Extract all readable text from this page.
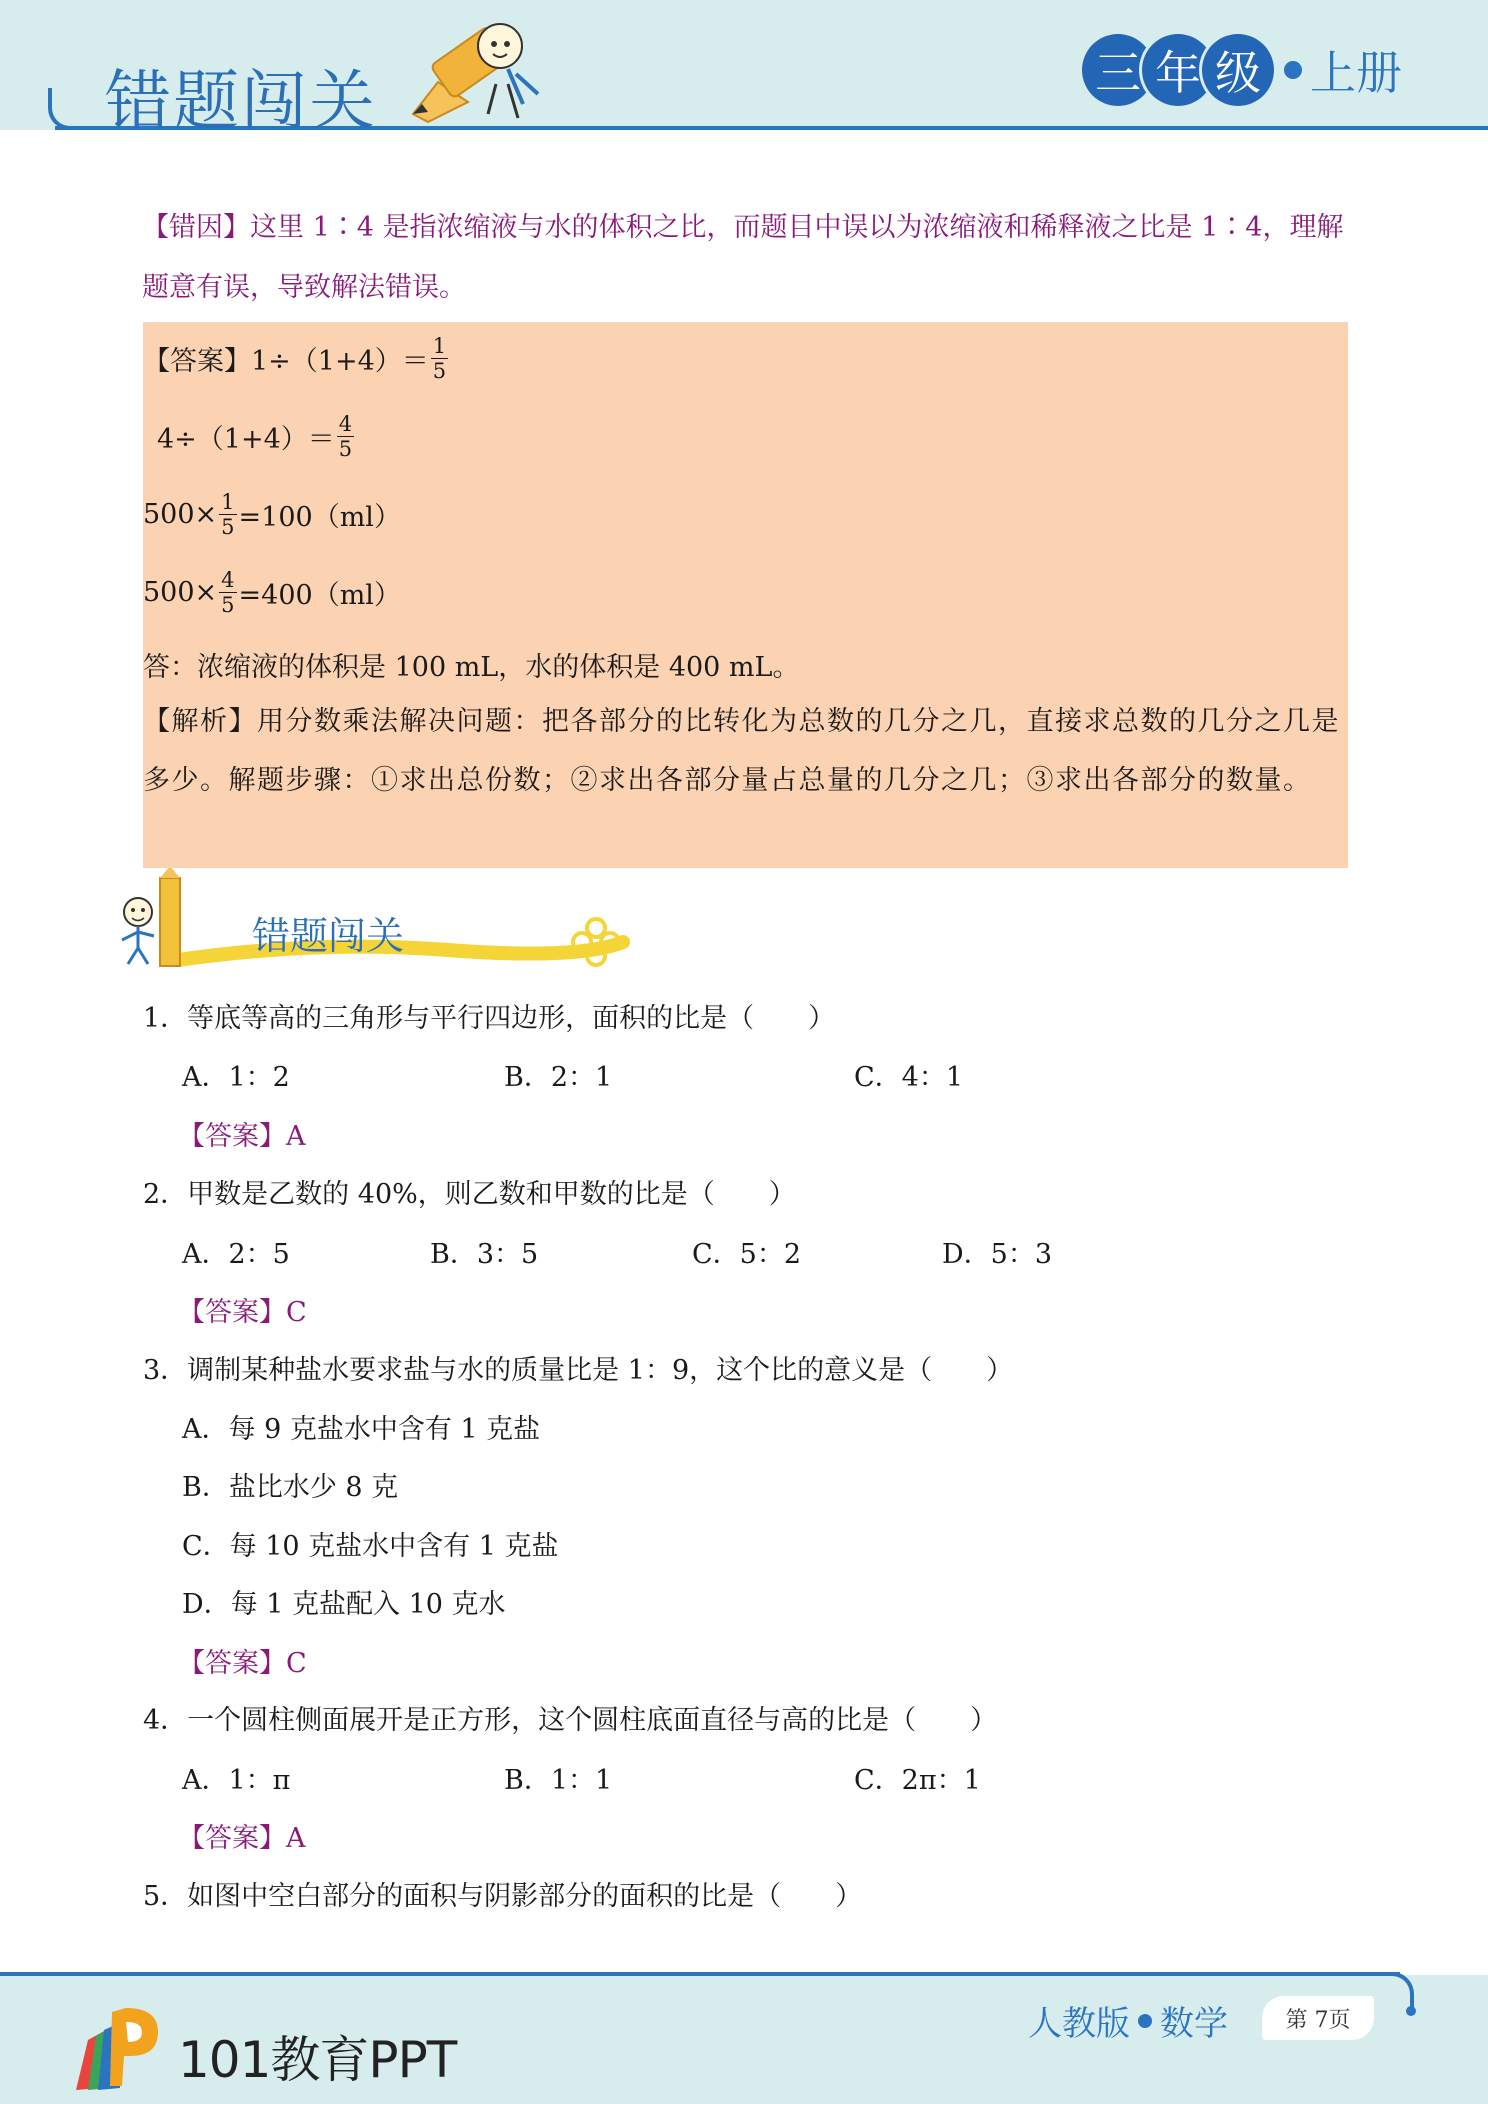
错题闯关	三 年 级 上册
【错因】这里 1∶4 是指浓缩液与水的体积之比，而题目中误以为浓缩液和稀释液之比是 1∶4，理解题意有误，导致解法错误。
【答案】$1\div(1+4)= \frac{1}{5}$
$4\div(1+4)= \frac{4}{5}$
$500\times \frac{1}{5} =100(ml)$
$500\times \frac{4}{5} =400(ml)$
答：浓缩液的体积是 100 mL，水的体积是 400 mL。
【解析】用分数乘法解决问题：把各部分的比转化为总数的几分之几，直接求总数的几分之几是多少。解题步骤：①求出总份数；②求出各部分量占总量的几分之几；③求出各部分的数量。
错题闯关
1．等底等高的三角形与平行四边形，面积的比是（　　）
A．1：2	B．2：1	C．4：1
【答案】A
2．甲数是乙数的 40%，则乙数和甲数的比是（　　）
A．2：5	B．3：5	C．5：2	D．5：3
【答案】C
3．调制某种盐水要求盐与水的质量比是 1：9，这个比的意义是（　　）
A．每 9 克盐水中含有 1 克盐
B．盐比水少 8 克
C．每 10 克盐水中含有 1 克盐
D．每 1 克盐配入 10 克水
【答案】C
4．一个圆柱侧面展开是正方形，这个圆柱底面直径与高的比是（　　）
A．1：π	B．1：1	C．2π：1
【答案】A
5．如图中空白部分的面积与阴影部分的面积的比是（　　）
101教育PPT
人教版 数学	第 7页
